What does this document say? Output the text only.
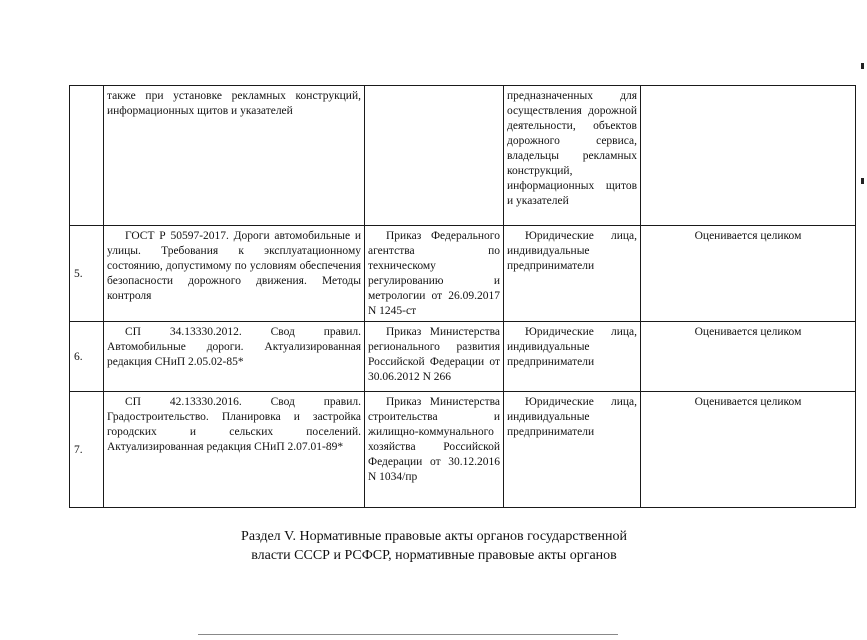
	также при установке рекламных конструкций, информационных щитов и указателей		предназначенных для осуществления дорожной деятельности, объектов дорожного сервиса, владельцы рекламных конструкций, информационных щитов и указателей	
5.	ГОСТ Р 50597-2017. Дороги автомобильные и улицы. Требования к эксплуатационному состоянию, допустимому по условиям обеспечения безопасности дорожного движения. Методы контроля	Приказ Федерального агентства по техническому регулированию и метрологии от 26.09.2017 N 1245-ст	Юридические лица, индивидуальные предприниматели	Оценивается целиком
6.	СП 34.13330.2012. Свод правил. Автомобильные дороги. Актуализированная редакция СНиП 2.05.02-85*	Приказ Министерства регионального развития Российской Федерации от 30.06.2012 N 266	Юридические лица, индивидуальные предприниматели	Оценивается целиком
7.	СП 42.13330.2016. Свод правил. Градостроительство. Планировка и застройка городских и сельских поселений. Актуализированная редакция СНиП 2.07.01-89*	Приказ Министерства строительства и жилищно-коммунального хозяйства Российской Федерации от 30.12.2016 N 1034/пр	Юридические лица, индивидуальные предприниматели	Оценивается целиком
Раздел V. Нормативные правовые акты органов государственной
власти СССР и РСФСР, нормативные правовые акты органов
